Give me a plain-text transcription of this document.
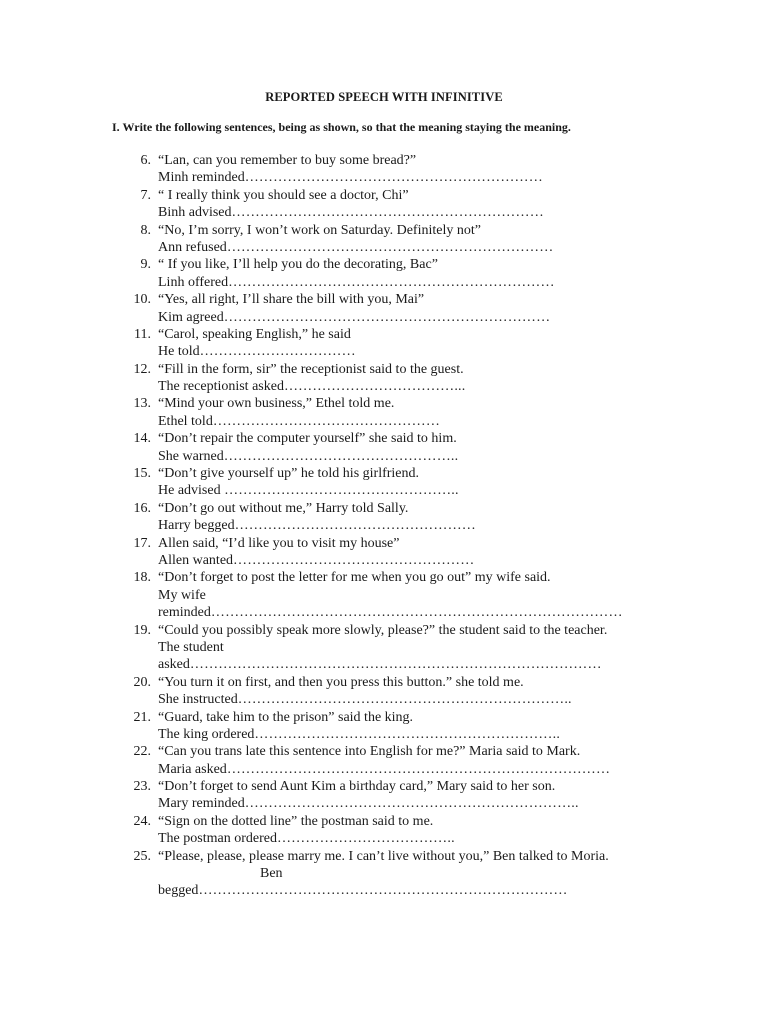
REPORTED SPEECH WITH INFINITIVE
I. Write the following sentences, being as shown, so that the meaning staying the meaning.
6. “Lan, can you remember to buy some bread?”
Minh reminded………………………………………………………
7. “ I really think you should see a doctor, Chi”
Binh advised…………………………………………………………
8. “No, I’m sorry, I won’t work on Saturday. Definitely not”
Ann refused……………………………………………………………
9. “ If you like, I’ll help you do the decorating, Bac”
Linh offered……………………………………………………………
10. “Yes, all right, I’ll share the bill with you, Mai”
Kim agreed……………………………………………………………
11. “Carol, speaking English,” he said
He told……………………………
12. “Fill in the form, sir” the receptionist said to the guest.
The receptionist asked………………………………...
13. “Mind your own business,” Ethel told me.
Ethel told…………………………………………
14. “Don’t repair the computer yourself” she said to him.
She warned…………………………………………..
15. “Don’t give yourself up” he told his girlfriend.
He advised …………………………………………..
16. “Don’t go out without me,” Harry told Sally.
Harry begged……………………………………………
17. Allen said, “I’d like you to visit my house”
Allen wanted……………………………………………
18. “Don’t forget to post the letter for me when you go out” my wife said.
My wife
reminded……………………………………………………………………………
19. “Could you possibly speak more slowly, please?” the student said to the teacher.
The student
asked……………………………………………………………………………
20. “You turn it on first, and then you press this button.” she told me.
She instructed……………………………………………………………..
21. “Guard, take him to the prison” said the king.
The king ordered………………………………………………………..
22. “Can you trans late this sentence into English for me?” Maria said to Mark.
Maria asked………………………………………………………………………
23. “Don’t forget to send Aunt Kim a birthday card,” Mary said to her son.
Mary reminded……………………………………………………………..
24. “Sign on the dotted line” the postman said to me.
The postman ordered………………………………..
25. “Please, please, please marry me. I can’t live without you,” Ben talked to Moria.
Ben
begged……………………………………………………………………
